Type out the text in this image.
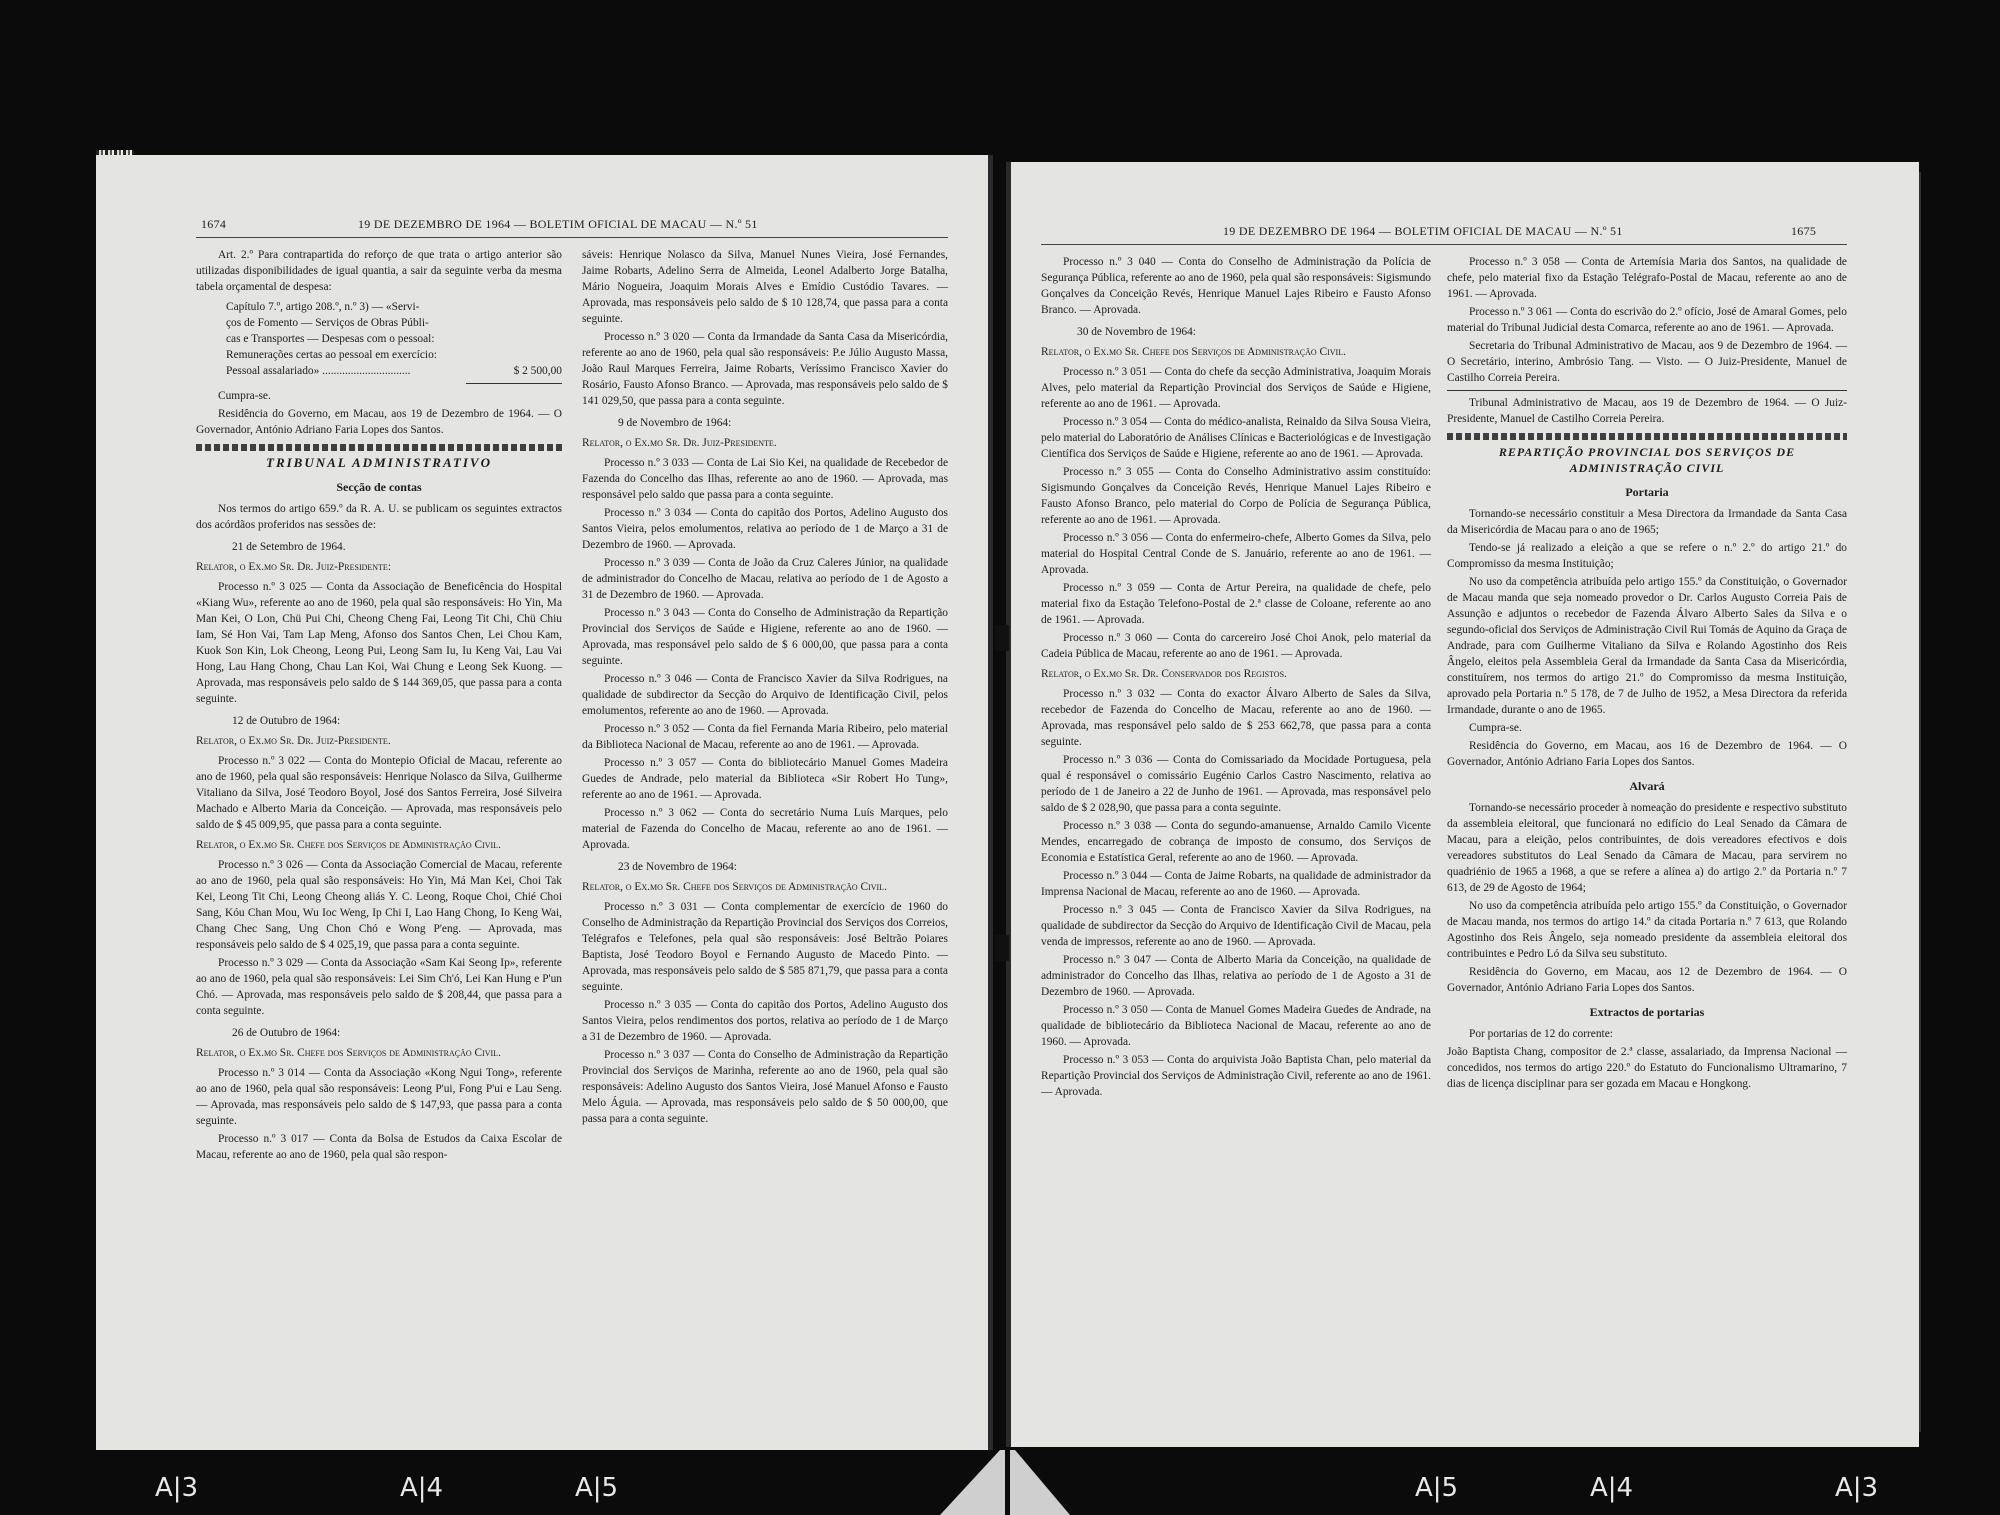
1674	19 DE DEZEMBRO DE 1964 — BOLETIM OFICIAL DE MACAU — N.º 51

Art. 2.º Para contrapartida do reforço de que trata o artigo anterior são utilizadas disponibilidades de igual quantia, a sair da seguinte verba da mesma tabela orçamental de despesa:

Capítulo 7.º, artigo 208.º, n.º 3) — «Servi-
ços de Fomento — Serviços de Obras Públi-
cas e Transportes — Despesas com o pessoal:
Remunerações certas ao pessoal em exercício:
Pessoal assalariado» ...............................	$ 2 500,00

Cumpra-se.

Residência do Governo, em Macau, aos 19 de Dezembro de 1964. — O Governador, António Adriano Faria Lopes dos Santos.

TRIBUNAL ADMINISTRATIVO

Secção de contas

Nos termos do artigo 659.º da R. A. U. se publicam os seguintes extractos dos acórdãos proferidos nas sessões de:

21 de Setembro de 1964.

Relator, o Ex.mo Sr. Dr. Juiz-Presidente:

Processo n.º 3 025 — Conta da Associação de Beneficência do Hospital «Kiang Wu», referente ao ano de 1960, pela qual são responsáveis: Ho Yin, Ma Man Kei, O Lon, Chü Pui Chi, Cheong Cheng Fai, Leong Tit Chi, Chü Chiu Iam, Sé Hon Vai, Tam Lap Meng, Afonso dos Santos Chen, Lei Chou Kam, Kuok Son Kin, Lok Cheong, Leong Pui, Leong Sam Iu, Iu Keng Vai, Lau Vai Hong, Lau Hang Chong, Chau Lan Koi, Wai Chung e Leong Sek Kuong. — Aprovada, mas responsáveis pelo saldo de $ 144 369,05, que passa para a conta seguinte.

12 de Outubro de 1964:

Relator, o Ex.mo Sr. Dr. Juiz-Presidente.

Processo n.º 3 022 — Conta do Montepio Oficial de Macau, referente ao ano de 1960, pela qual são responsáveis: Henrique Nolasco da Silva, Guilherme Vitaliano da Silva, José Teodoro Boyol, José dos Santos Ferreira, José Silveira Machado e Alberto Maria da Conceição. — Aprovada, mas responsáveis pelo saldo de $ 45 009,95, que passa para a conta seguinte.

Relator, o Ex.mo Sr. Chefe dos Serviços de Administração Civil.

Processo n.º 3 026 — Conta da Associação Comercial de Macau, referente ao ano de 1960, pela qual são responsáveis: Ho Yin, Má Man Kei, Choi Tak Kei, Leong Tit Chi, Leong Cheong aliás Y. C. Leong, Roque Choi, Chié Choi Sang, Kóu Chan Mou, Wu Ioc Weng, Ip Chi I, Lao Hang Chong, Io Keng Wai, Chang Chec Sang, Ung Chon Chó e Wong P'eng. — Aprovada, mas responsáveis pelo saldo de $ 4 025,19, que passa para a conta seguinte.

Processo n.º 3 029 — Conta da Associação «Sam Kai Seong Ip», referente ao ano de 1960, pela qual são responsáveis: Lei Sim Ch'ó, Lei Kan Hung e P'un Chó. — Aprovada, mas responsáveis pelo saldo de $ 208,44, que passa para a conta seguinte.

26 de Outubro de 1964:

Relator, o Ex.mo Sr. Chefe dos Serviços de Administração Civil.

Processo n.º 3 014 — Conta da Associação «Kong Ngui Tong», referente ao ano de 1960, pela qual são responsáveis: Leong P'ui, Fong P'ui e Lau Seng. — Aprovada, mas responsáveis pelo saldo de $ 147,93, que passa para a conta seguinte.

Processo n.º 3 017 — Conta da Bolsa de Estudos da Caixa Escolar de Macau, referente ao ano de 1960, pela qual são respon-

sáveis: Henrique Nolasco da Silva, Manuel Nunes Vieira, José Fernandes, Jaime Robarts, Adelino Serra de Almeida, Leonel Adalberto Jorge Batalha, Mário Nogueira, Joaquim Morais Alves e Emídio Custódio Tavares. — Aprovada, mas responsáveis pelo saldo de $ 10 128,74, que passa para a conta seguinte.

Processo n.º 3 020 — Conta da Irmandade da Santa Casa da Misericórdia, referente ao ano de 1960, pela qual são responsáveis: P.e Júlio Augusto Massa, João Raul Marques Ferreira, Jaime Robarts, Veríssimo Francisco Xavier do Rosário, Fausto Afonso Branco. — Aprovada, mas responsáveis pelo saldo de $ 141 029,50, que passa para a conta seguinte.

9 de Novembro de 1964:

Relator, o Ex.mo Sr. Dr. Juiz-Presidente.

Processo n.º 3 033 — Conta de Lai Sio Kei, na qualidade de Recebedor de Fazenda do Concelho das Ilhas, referente ao ano de 1960. — Aprovada, mas responsável pelo saldo que passa para a conta seguinte.

Processo n.º 3 034 — Conta do capitão dos Portos, Adelino Augusto dos Santos Vieira, pelos emolumentos, relativa ao período de 1 de Março a 31 de Dezembro de 1960. — Aprovada.

Processo n.º 3 039 — Conta de João da Cruz Caleres Júnior, na qualidade de administrador do Concelho de Macau, relativa ao período de 1 de Agosto a 31 de Dezembro de 1960. — Aprovada.

Processo n.º 3 043 — Conta do Conselho de Administração da Repartição Provincial dos Serviços de Saúde e Higiene, referente ao ano de 1960. — Aprovada, mas responsável pelo saldo de $ 6 000,00, que passa para a conta seguinte.

Processo n.º 3 046 — Conta de Francisco Xavier da Silva Rodrigues, na qualidade de subdirector da Secção do Arquivo de Identificação Civil, pelos emolumentos, referente ao ano de 1960. — Aprovada.

Processo n.º 3 052 — Conta da fiel Fernanda Maria Ribeiro, pelo material da Biblioteca Nacional de Macau, referente ao ano de 1961. — Aprovada.

Processo n.º 3 057 — Conta do bibliotecário Manuel Gomes Madeira Guedes de Andrade, pelo material da Biblioteca «Sir Robert Ho Tung», referente ao ano de 1961. — Aprovada.

Processo n.º 3 062 — Conta do secretário Numa Luís Marques, pelo material de Fazenda do Concelho de Macau, referente ao ano de 1961. — Aprovada.

23 de Novembro de 1964:

Relator, o Ex.mo Sr. Chefe dos Serviços de Administração Civil.

Processo n.º 3 031 — Conta complementar de exercício de 1960 do Conselho de Administração da Repartição Provincial dos Serviços dos Correios, Telégrafos e Telefones, pela qual são responsáveis: José Beltrão Poiares Baptista, José Teodoro Boyol e Fernando Augusto de Macedo Pinto. — Aprovada, mas responsáveis pelo saldo de $ 585 871,79, que passa para a conta seguinte.

Processo n.º 3 035 — Conta do capitão dos Portos, Adelino Augusto dos Santos Vieira, pelos rendimentos dos portos, relativa ao período de 1 de Março a 31 de Dezembro de 1960. — Aprovada.

Processo n.º 3 037 — Conta do Conselho de Administração da Repartição Provincial dos Serviços de Marinha, referente ao ano de 1960, pela qual são responsáveis: Adelino Augusto dos Santos Vieira, José Manuel Afonso e Fausto Melo Águia. — Aprovada, mas responsáveis pelo saldo de $ 50 000,00, que passa para a conta seguinte.

19 DE DEZEMBRO DE 1964 — BOLETIM OFICIAL DE MACAU — N.º 51	1675

Processo n.º 3 040 — Conta do Conselho de Administração da Polícia de Segurança Pública, referente ao ano de 1960, pela qual são responsáveis: Sigismundo Gonçalves da Conceição Revés, Henrique Manuel Lajes Ribeiro e Fausto Afonso Branco. — Aprovada.

30 de Novembro de 1964:

Relator, o Ex.mo Sr. Chefe dos Serviços de Administração Civil.

Processo n.º 3 051 — Conta do chefe da secção Administrativa, Joaquim Morais Alves, pelo material da Repartição Provincial dos Serviços de Saúde e Higiene, referente ao ano de 1961. — Aprovada.

Processo n.º 3 054 — Conta do médico-analista, Reinaldo da Silva Sousa Vieira, pelo material do Laboratório de Análises Clínicas e Bacteriológicas e de Investigação Científica dos Serviços de Saúde e Higiene, referente ao ano de 1961. — Aprovada.

Processo n.º 3 055 — Conta do Conselho Administrativo assim constituído: Sigismundo Gonçalves da Conceição Revés, Henrique Manuel Lajes Ribeiro e Fausto Afonso Branco, pelo material do Corpo de Polícia de Segurança Pública, referente ao ano de 1961. — Aprovada.

Processo n.º 3 056 — Conta do enfermeiro-chefe, Alberto Gomes da Silva, pelo material do Hospital Central Conde de S. Januário, referente ao ano de 1961. — Aprovada.

Processo n.º 3 059 — Conta de Artur Pereira, na qualidade de chefe, pelo material fixo da Estação Telefono-Postal de 2.ª classe de Coloane, referente ao ano de 1961. — Aprovada.

Processo n.º 3 060 — Conta do carcereiro José Choi Anok, pelo material da Cadeia Pública de Macau, referente ao ano de 1961. — Aprovada.

Relator, o Ex.mo Sr. Dr. Conservador dos Registos.

Processo n.º 3 032 — Conta do exactor Álvaro Alberto de Sales da Silva, recebedor de Fazenda do Concelho de Macau, referente ao ano de 1960. — Aprovada, mas responsável pelo saldo de $ 253 662,78, que passa para a conta seguinte.

Processo n.º 3 036 — Conta do Comissariado da Mocidade Portuguesa, pela qual é responsável o comissário Eugénio Carlos Castro Nascimento, relativa ao período de 1 de Janeiro a 22 de Junho de 1961. — Aprovada, mas responsável pelo saldo de $ 2 028,90, que passa para a conta seguinte.

Processo n.º 3 038 — Conta do segundo-amanuense, Arnaldo Camilo Vicente Mendes, encarregado de cobrança de imposto de consumo, dos Serviços de Economia e Estatística Geral, referente ao ano de 1960. — Aprovada.

Processo n.º 3 044 — Conta de Jaime Robarts, na qualidade de administrador da Imprensa Nacional de Macau, referente ao ano de 1960. — Aprovada.

Processo n.º 3 045 — Conta de Francisco Xavier da Silva Rodrigues, na qualidade de subdirector da Secção do Arquivo de Identificação Civil de Macau, pela venda de impressos, referente ao ano de 1960. — Aprovada.

Processo n.º 3 047 — Conta de Alberto Maria da Conceição, na qualidade de administrador do Concelho das Ilhas, relativa ao período de 1 de Agosto a 31 de Dezembro de 1960. — Aprovada.

Processo n.º 3 050 — Conta de Manuel Gomes Madeira Guedes de Andrade, na qualidade de bibliotecário da Biblioteca Nacional de Macau, referente ao ano de 1960. — Aprovada.

Processo n.º 3 053 — Conta do arquivista João Baptista Chan, pelo material da Repartição Provincial dos Serviços de Administração Civil, referente ao ano de 1961. — Aprovada.

Processo n.º 3 058 — Conta de Artemísia Maria dos Santos, na qualidade de chefe, pelo material fixo da Estação Telégrafo-Postal de Macau, referente ao ano de 1961. — Aprovada.

Processo n.º 3 061 — Conta do escrivão do 2.º ofício, José de Amaral Gomes, pelo material do Tribunal Judicial desta Comarca, referente ao ano de 1961. — Aprovada.

Secretaria do Tribunal Administrativo de Macau, aos 9 de Dezembro de 1964. — O Secretário, interino, Ambrósio Tang. — Visto. — O Juiz-Presidente, Manuel de Castilho Correia Pereira.

Tribunal Administrativo de Macau, aos 19 de Dezembro de 1964. — O Juiz-Presidente, Manuel de Castilho Correia Pereira.

REPARTIÇÃO PROVINCIAL DOS SERVIÇOS DE ADMINISTRAÇÃO CIVIL

Portaria

Tornando-se necessário constituir a Mesa Directora da Irmandade da Santa Casa da Misericórdia de Macau para o ano de 1965;

Tendo-se já realizado a eleição a que se refere o n.º 2.º do artigo 21.º do Compromisso da mesma Instituição;

No uso da competência atribuída pelo artigo 155.º da Constituição, o Governador de Macau manda que seja nomeado provedor o Dr. Carlos Augusto Correia Pais de Assunção e adjuntos o recebedor de Fazenda Álvaro Alberto Sales da Silva e o segundo-oficial dos Serviços de Administração Civil Rui Tomás de Aquino da Graça de Andrade, para com Guilherme Vitaliano da Silva e Rolando Agostinho dos Reis Ângelo, eleitos pela Assembleia Geral da Irmandade da Santa Casa da Misericórdia, constituírem, nos termos do artigo 21.º do Compromisso da mesma Instituição, aprovado pela Portaria n.º 5 178, de 7 de Julho de 1952, a Mesa Directora da referida Irmandade, durante o ano de 1965.

Cumpra-se.

Residência do Governo, em Macau, aos 16 de Dezembro de 1964. — O Governador, António Adriano Faria Lopes dos Santos.

Alvará

Tornando-se necessário proceder à nomeação do presidente e respectivo substituto da assembleia eleitoral, que funcionará no edifício do Leal Senado da Câmara de Macau, para a eleição, pelos contribuintes, de dois vereadores efectivos e dois vereadores substitutos do Leal Senado da Câmara de Macau, para servirem no quadriénio de 1965 a 1968, a que se refere a alínea a) do artigo 2.º da Portaria n.º 7 613, de 29 de Agosto de 1964;

No uso da competência atribuída pelo artigo 155.º da Constituição, o Governador de Macau manda, nos termos do artigo 14.º da citada Portaria n.º 7 613, que Rolando Agostinho dos Reis Ângelo, seja nomeado presidente da assembleia eleitoral dos contribuintes e Pedro Ló da Silva seu substituto.

Residência do Governo, em Macau, aos 12 de Dezembro de 1964. — O Governador, António Adriano Faria Lopes dos Santos.

Extractos de portarias

Por portarias de 12 do corrente:

João Baptista Chang, compositor de 2.ª classe, assalariado, da Imprensa Nacional — concedidos, nos termos do artigo 220.º do Estatuto do Funcionalismo Ultramarino, 7 dias de licença disciplinar para ser gozada em Macau e Hongkong.

A|3	A|4	A|5	A|5	A|4	A|3
